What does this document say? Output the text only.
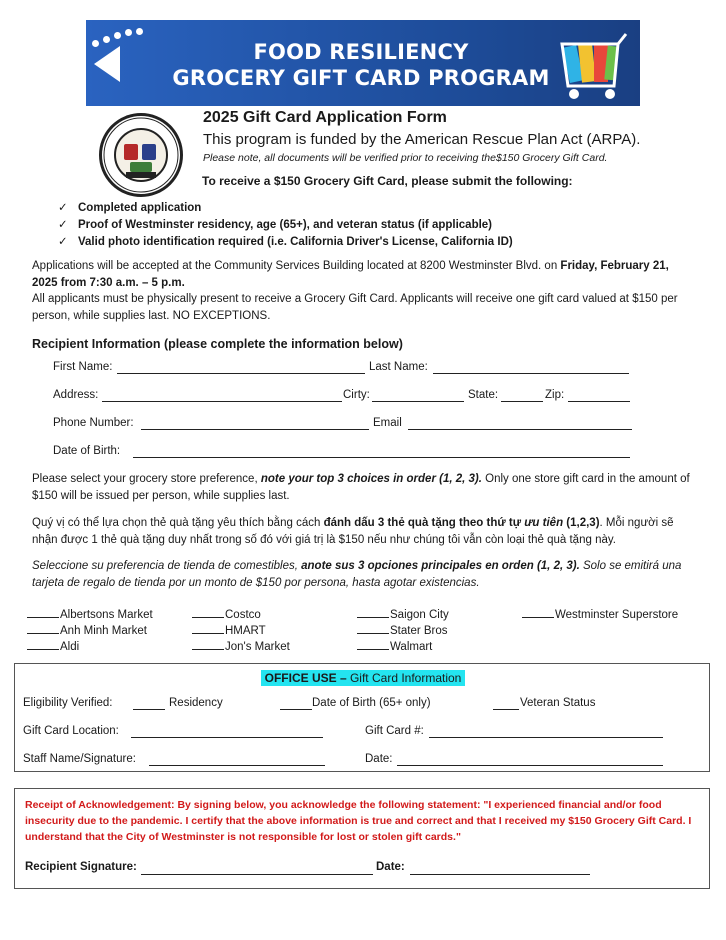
FOOD RESILIENCY
GROCERY GIFT CARD PROGRAM
2025 Gift Card Application Form
This program is funded by the American Rescue Plan Act (ARPA).
Please note, all documents will be verified prior to receiving the$150 Grocery Gift Card.
To receive a $150 Grocery Gift Card, please submit the following:
✓ Completed application
✓ Proof of Westminster residency, age (65+), and veteran status (if applicable)
✓ Valid photo identification required (i.e. California Driver's License, California ID)
Applications will be accepted at the Community Services Building located at 8200 Westminster Blvd. on Friday, February 21, 2025 from 7:30 a.m. – 5 p.m.
All applicants must be physically present to receive a Grocery Gift Card. Applicants will receive one gift card valued at $150 per person, while supplies last. NO EXCEPTIONS.
Recipient Information (please complete the information below)
First Name:	Last Name:
Address:	Cirty:	State:	Zip:
Phone Number:	Email
Date of Birth:
Please select your grocery store preference, note your top 3 choices in order (1, 2, 3). Only one store gift card in the amount of $150 will be issued per person, while supplies last.
Quý vị có thể lựa chọn thẻ quà tặng yêu thích bằng cách đánh dấu 3 thẻ quà tặng theo thứ tự ưu tiên (1,2,3). Mỗi người sẽ nhận được 1 thẻ quà tặng duy nhất trong số đó với giá trị là $150 nếu như chúng tôi vẫn còn loại thẻ quà tặng này.
Seleccione su preferencia de tienda de comestibles, anote sus 3 opciones principales en orden (1, 2, 3). Solo se emitirá una tarjeta de regalo de tienda por un monto de $150 por persona, hasta agotar existencias.
Albertsons Market
Anh Minh Market
Aldi
Costco
HMART
Jon's Market
Saigon City
Stater Bros
Walmart
Westminster Superstore
OFFICE USE – Gift Card Information
Eligibility Verified:	Residency	Date of Birth (65+ only)	Veteran Status
Gift Card Location:	Gift Card #:
Staff Name/Signature:	Date:
Receipt of Acknowledgement: By signing below, you acknowledge the following statement: "I experienced financial and/or food insecurity due to the pandemic. I certify that the above information is true and correct and that I received my $150 Grocery Gift Card. I understand that the City of Westminster is not responsible for lost or stolen gift cards."
Recipient Signature:	Date:
